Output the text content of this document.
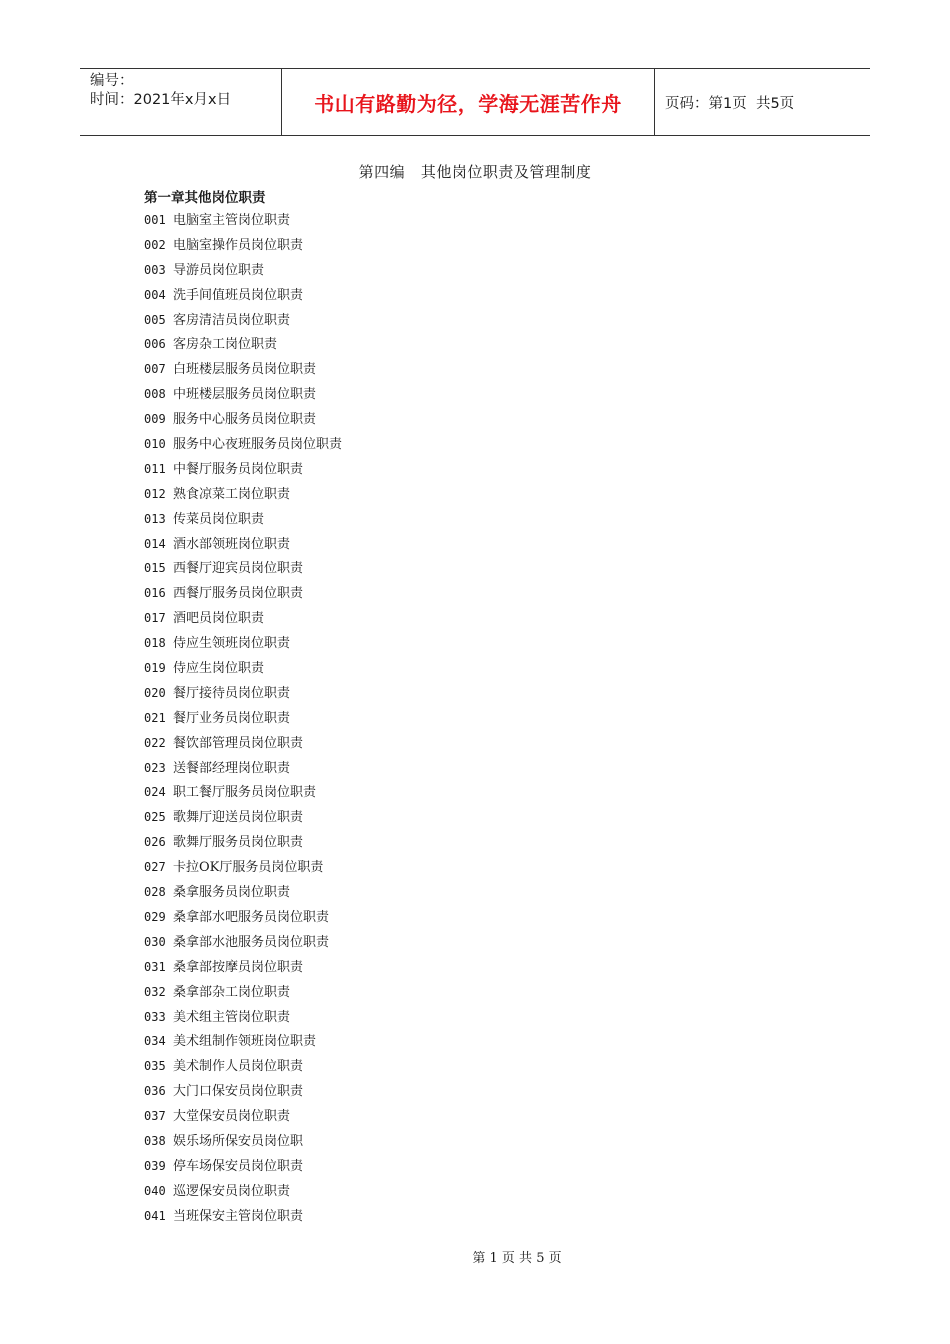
编号：
时间：2021年x月x日	书山有路勤为径，学海无涯苦作舟	页码：第1页  共5页
第四编   其他岗位职责及管理制度
第一章其他岗位职责
001 电脑室主管岗位职责
002 电脑室操作员岗位职责
003 导游员岗位职责
004 洗手间值班员岗位职责
005 客房清洁员岗位职责
006 客房杂工岗位职责
007 白班楼层服务员岗位职责
008 中班楼层服务员岗位职责
009 服务中心服务员岗位职责
010 服务中心夜班服务员岗位职责
011 中餐厅服务员岗位职责
012 熟食凉菜工岗位职责
013 传菜员岗位职责
014 酒水部领班岗位职责
015 西餐厅迎宾员岗位职责
016 西餐厅服务员岗位职责
017 酒吧员岗位职责
018 侍应生领班岗位职责
019 侍应生岗位职责
020 餐厅接待员岗位职责
021 餐厅业务员岗位职责
022 餐饮部管理员岗位职责
023 送餐部经理岗位职责
024 职工餐厅服务员岗位职责
025 歌舞厅迎送员岗位职责
026 歌舞厅服务员岗位职责
027 卡拉OK厅服务员岗位职责
028 桑拿服务员岗位职责
029 桑拿部水吧服务员岗位职责
030 桑拿部水池服务员岗位职责
031 桑拿部按摩员岗位职责
032 桑拿部杂工岗位职责
033 美术组主管岗位职责
034 美术组制作领班岗位职责
035 美术制作人员岗位职责
036 大门口保安员岗位职责
037 大堂保安员岗位职责
038 娱乐场所保安员岗位职
039 停车场保安员岗位职责
040 巡逻保安员岗位职责
041 当班保安主管岗位职责
第 1 页 共 5 页
